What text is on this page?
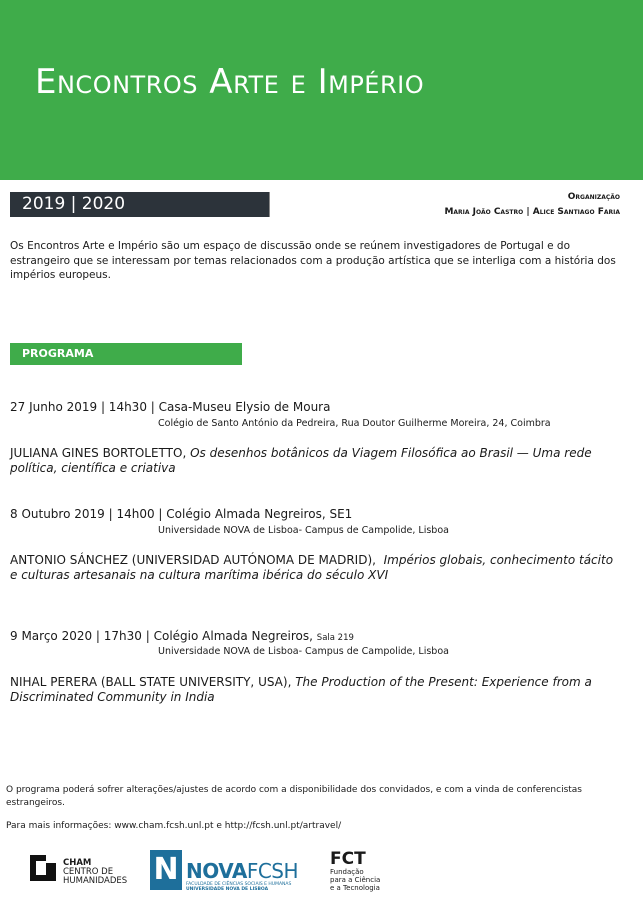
Encontros Arte e Império
2019 | 2020	Organização
Maria João Castro | Alice Santiago Faria
Os Encontros Arte e Império são um espaço de discussão onde se reúnem investigadores de Portugal e do estrangeiro que se interessam por temas relacionados com a produção artística que se interliga com a história dos impérios europeus.
PROGRAMA
27 Junho 2019 | 14h30 | Casa-Museu Elysio de Moura
Colégio de Santo António da Pedreira, Rua Doutor Guilherme Moreira, 24, Coimbra
JULIANA GINES BORTOLETTO, Os desenhos botânicos da Viagem Filosófica ao Brasil — Uma rede política, científica e criativa
8 Outubro 2019 | 14h00 | Colégio Almada Negreiros, SE1
Universidade NOVA de Lisboa- Campus de Campolide, Lisboa
ANTONIO SÁNCHEZ (UNIVERSIDAD AUTÓNOMA DE MADRID), Impérios globais, conhecimento tácito e culturas artesanais na cultura marítima ibérica do século XVI
9 Março 2020 | 17h30 | Colégio Almada Negreiros, Sala 219
Universidade NOVA de Lisboa- Campus de Campolide, Lisboa
NIHAL PERERA (BALL STATE UNIVERSITY, USA), The Production of the Present: Experience from a Discriminated Community in India
O programa poderá sofrer alterações/ajustes de acordo com a disponibilidade dos convidados, e com a vinda de conferencistas estrangeiros.
Para mais informações: www.cham.fcsh.unl.pt e http://fcsh.unl.pt/artravel/
CHAM
CENTRO DE
HUMANIDADES N NOVAFCSH
FACULDADE DE CIÊNCIAS SOCIAIS E HUMANAS
UNIVERSIDADE NOVA DE LISBOA
FCT
Fundação
para a Ciência
e a Tecnologia
